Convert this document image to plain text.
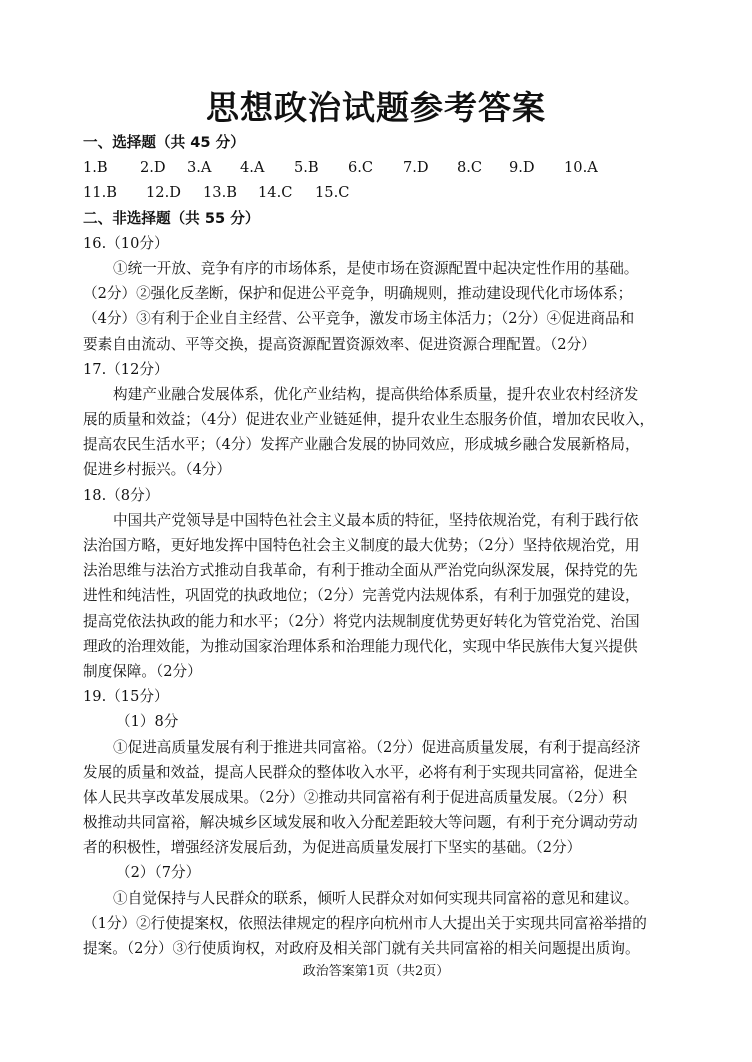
思想政治试题参考答案
一、选择题（共 45 分）
1.B	2.D	3.A	4.A	5.B	6.C	7.D	8.C	9.D	10.A
11.B	12.D	13.B	14.C	15.C
二、非选择题（共 55 分）
16.（10分）
①统一开放、竞争有序的市场体系，是使市场在资源配置中起决定性作用的基础。
（2分）②强化反垄断，保护和促进公平竞争，明确规则，推动建设现代化市场体系；
（4分）③有利于企业自主经营、公平竞争，激发市场主体活力；（2分）④促进商品和
要素自由流动、平等交换，提高资源配置资源效率、促进资源合理配置。（2分）
17.（12分）
构建产业融合发展体系，优化产业结构，提高供给体系质量，提升农业农村经济发
展的质量和效益；（4分）促进农业产业链延伸，提升农业生态服务价值，增加农民收入，
提高农民生活水平；（4分）发挥产业融合发展的协同效应，形成城乡融合发展新格局，
促进乡村振兴。（4分）
18.（8分）
中国共产党领导是中国特色社会主义最本质的特征，坚持依规治党，有利于践行依
法治国方略，更好地发挥中国特色社会主义制度的最大优势；（2分）坚持依规治党，用
法治思维与法治方式推动自我革命，有利于推动全面从严治党向纵深发展，保持党的先
进性和纯洁性，巩固党的执政地位；（2分）完善党内法规体系，有利于加强党的建设，
提高党依法执政的能力和水平；（2分）将党内法规制度优势更好转化为管党治党、治国
理政的治理效能，为推动国家治理体系和治理能力现代化，实现中华民族伟大复兴提供
制度保障。（2分）
19.（15分）
（1）8分
①促进高质量发展有利于推进共同富裕。（2分）促进高质量发展，有利于提高经济
发展的质量和效益，提高人民群众的整体收入水平，必将有利于实现共同富裕，促进全
体人民共享改革发展成果。（2分）②推动共同富裕有利于促进高质量发展。（2分）积
极推动共同富裕，解决城乡区域发展和收入分配差距较大等问题，有利于充分调动劳动
者的积极性，增强经济发展后劲，为促进高质量发展打下坚实的基础。（2分）
（2）（7分）
①自觉保持与人民群众的联系，倾听人民群众对如何实现共同富裕的意见和建议。
（1分）②行使提案权，依照法律规定的程序向杭州市人大提出关于实现共同富裕举措的
提案。（2分）③行使质询权，对政府及相关部门就有关共同富裕的相关问题提出质询。
政治答案第1页（共2页）
